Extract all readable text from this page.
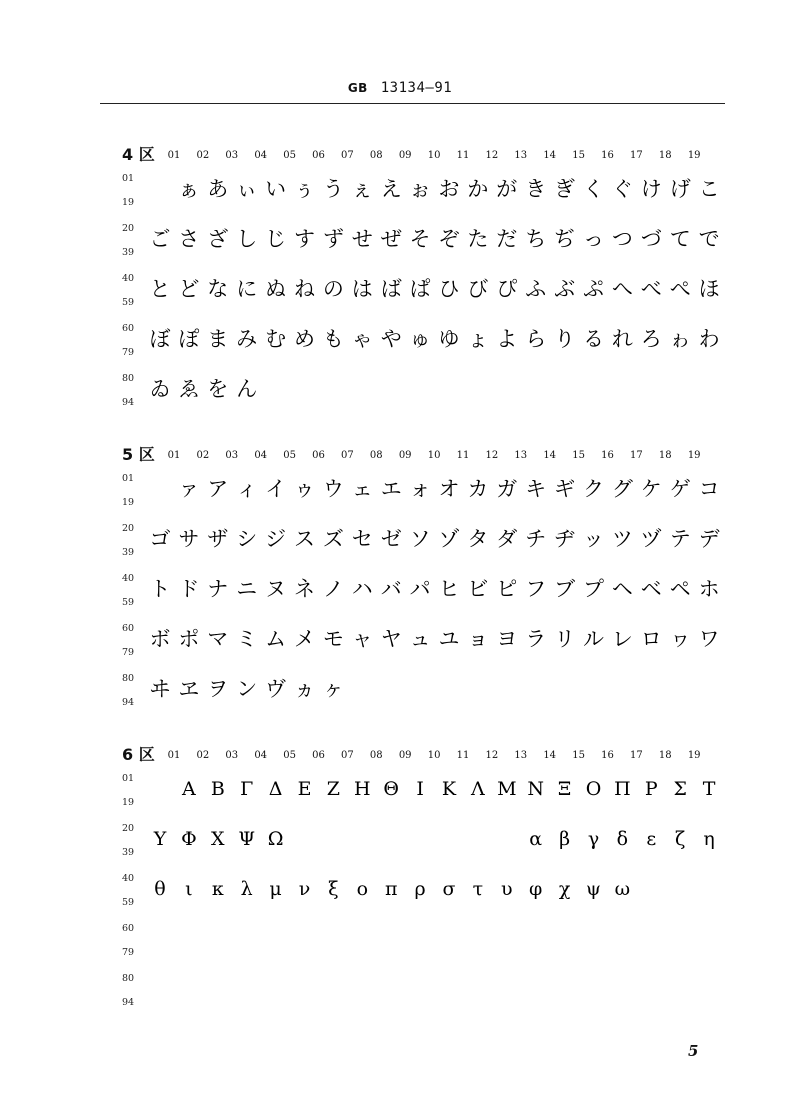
GB 13134—91
4 区	01	02	03	04	05	06	07	08	09	10	11	12	13	14	15	16	17	18	19
01
19
ぁ あ ぃ い ぅ う ぇ え ぉ お か が き ぎ く ぐ け げ こ
20
39
ご さ ざ し じ す ず せ ぜ そ ぞ た だ ち ぢ っ つ づ て で
40
59
と ど な に ぬ ね の は ば ぱ ひ び ぴ ふ ぶ ぷ へ べ ぺ ほ
60
79
ぼ ぽ ま み む め も ゃ や ゅ ゆ ょ よ ら り る れ ろ ゎ わ
80
94
ゐ ゑ を ん
5 区	01	02	03	04	05	06	07	08	09	10	11	12	13	14	15	16	17	18	19
01
19
ァ ア ィ イ ゥ ウ ェ エ ォ オ カ ガ キ ギ ク グ ケ ゲ コ
20
39
ゴ サ ザ シ ジ ス ズ セ ゼ ソ ゾ タ ダ チ ヂ ッ ツ ヅ テ デ
40
59
ト ド ナ ニ ヌ ネ ノ ハ バ パ ヒ ビ ピ フ ブ プ ヘ ベ ペ ホ
60
79
ボ ポ マ ミ ム メ モ ャ ヤ ュ ユ ョ ヨ ラ リ ル レ ロ ヮ ワ
80
94
ヰ ヱ ヲ ン ヴ ヵ ヶ
6 区	01	02	03	04	05	06	07	08	09	10	11	12	13	14	15	16	17	18	19
01
19
Α Β Γ Δ Ε Ζ Η Θ Ι Κ Λ Μ Ν Ξ Ο Π Ρ Σ Τ
20
39
Υ Φ Χ Ψ Ω	α β γ δ ε ζ η
40
59
θ	ι	κ λ μ ν ξ ο π ρ σ τ υ φ χ ψ ω
60
79
80
94
5
